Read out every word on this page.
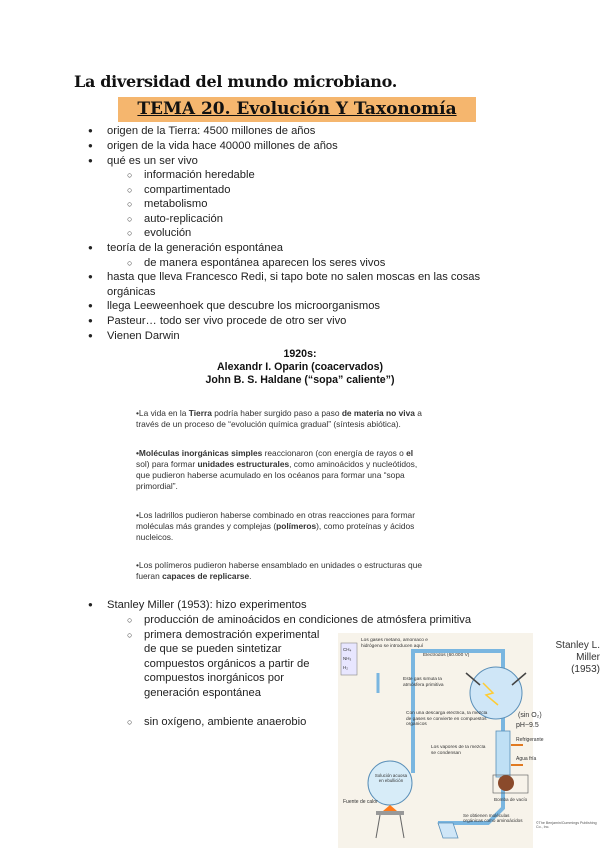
La diversidad del mundo microbiano.
TEMA 20. Evolución Y Taxonomía
● origen de la Tierra: 4500 millones de años
● origen de la vida hace 40000 millones de años
● qué es un ser vivo
○ información heredable
○ compartimentado
○ metabolismo
○ auto-replicación
○ evolución
● teoría de la generación espontánea
○ de manera espontánea aparecen los seres vivos
● hasta que lleva Francesco Redi, si tapo bote no salen moscas en las cosas
orgánicas
● llega Leeweenhoek que descubre los microorganismos
● Pasteur… todo ser vivo procede de otro ser vivo
● Vienen Darwin
1920s:
Alexandr I. Oparin (coacervados)
John B. S. Haldane (“sopa” caliente”)
•La vida en la Tierra podría haber surgido paso a paso de materia no viva a
través de un proceso de “evolución química gradual” (síntesis abiótica).
•Moléculas inorgánicas simples reaccionaron (con energía de rayos o el
sol) para formar unidades estructurales, como aminoácidos y nucleótidos,
que pudieron haberse acumulado en los océanos para formar una “sopa
primordial”.
•Los ladrillos pudieron haberse combinado en otras reacciones para formar
moléculas más grandes y complejas (polímeros), como proteínas y ácidos
nucleicos.
•Los polímeros pudieron haberse ensamblado en unidades o estructuras que
fueran capaces de replicarse.
● Stanley Miller (1953): hizo experimentos
○ producción de aminoácidos en condiciones de atmósfera primitiva
○ primera demostración experimental
de que se pueden sintetizar
compuestos orgánicos a partir de
compuestos inorgánicos por
generación espontánea
○ sin oxígeno, ambiente anaerobio
Stanley L. Miller
(1953)
CH₄
NH₃
H₂
Los gases metano, amoníaco e hidrógeno se introducen aquí
Electrodos (60.000 V)
Este gas simula la atmósfera primitiva
(sin O₂)
pH~9.5
Con una descarga eléctrica, la mezcla de gases se convierte en compuestos orgánicos
Refrigerante
Agua fría
Los vapores de la mezcla se condensan
Bomba de vacío
Solución acuosa en ebullición
Fuente de calor
Se obtienen moléculas orgánicas como aminoácidos	©The Benjamin/Cummings Publishing Co., Inc.
